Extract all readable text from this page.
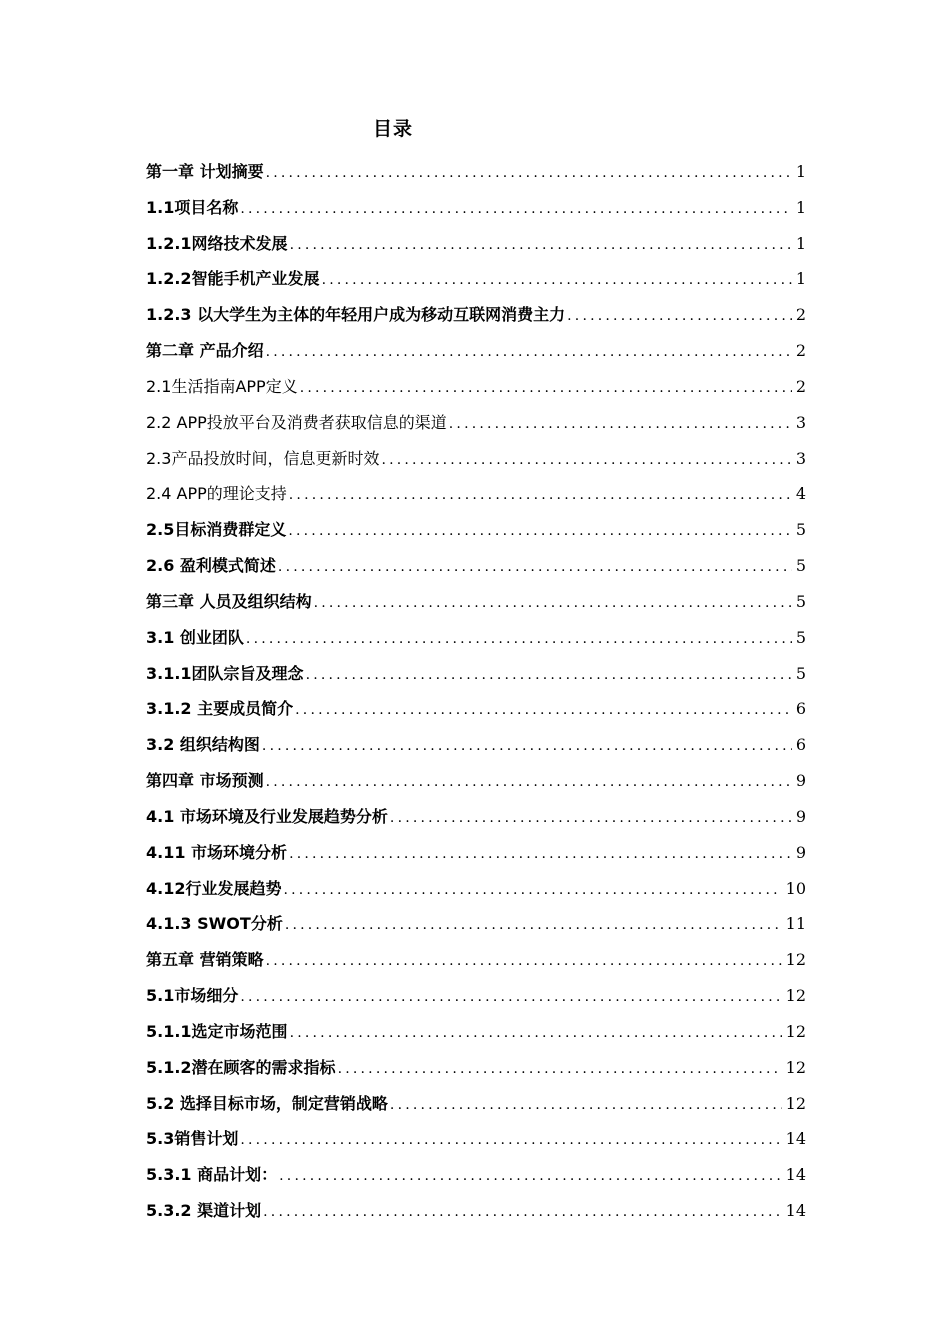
目录
第一章 计划摘要 .....	1
1.1项目名称 .....	1
1.2.1网络技术发展 .....	1
1.2.2智能手机产业发展 .....	1
1.2.3 以大学生为主体的年轻用户成为移动互联网消费主力 .....	2
第二章 产品介绍 .....	2
2.1生活指南APP定义 .....	2
2.2 APP投放平台及消费者获取信息的渠道 .....	3
2.3产品投放时间，信息更新时效 .....	3
2.4 APP的理论支持 .....	4
2.5目标消费群定义 .....	5
2.6 盈利模式简述 .....	5
第三章 人员及组织结构 .....	5
3.1 创业团队 .....	5
3.1.1团队宗旨及理念 .....	5
3.1.2 主要成员简介 .....	6
3.2 组织结构图 .....	6
第四章 市场预测 .....	9
4.1 市场环境及行业发展趋势分析 .....	9
4.11 市场环境分析 .....	9
4.12行业发展趋势 .....	10
4.1.3 SWOT分析 .....	11
第五章 营销策略 .....	12
5.1市场细分 .....	12
5.1.1选定市场范围 .....	12
5.1.2潜在顾客的需求指标 .....	12
5.2 选择目标市场，制定营销战略 .....	12
5.3销售计划 .....	14
5.3.1 商品计划： .....	14
5.3.2 渠道计划 .....	14
